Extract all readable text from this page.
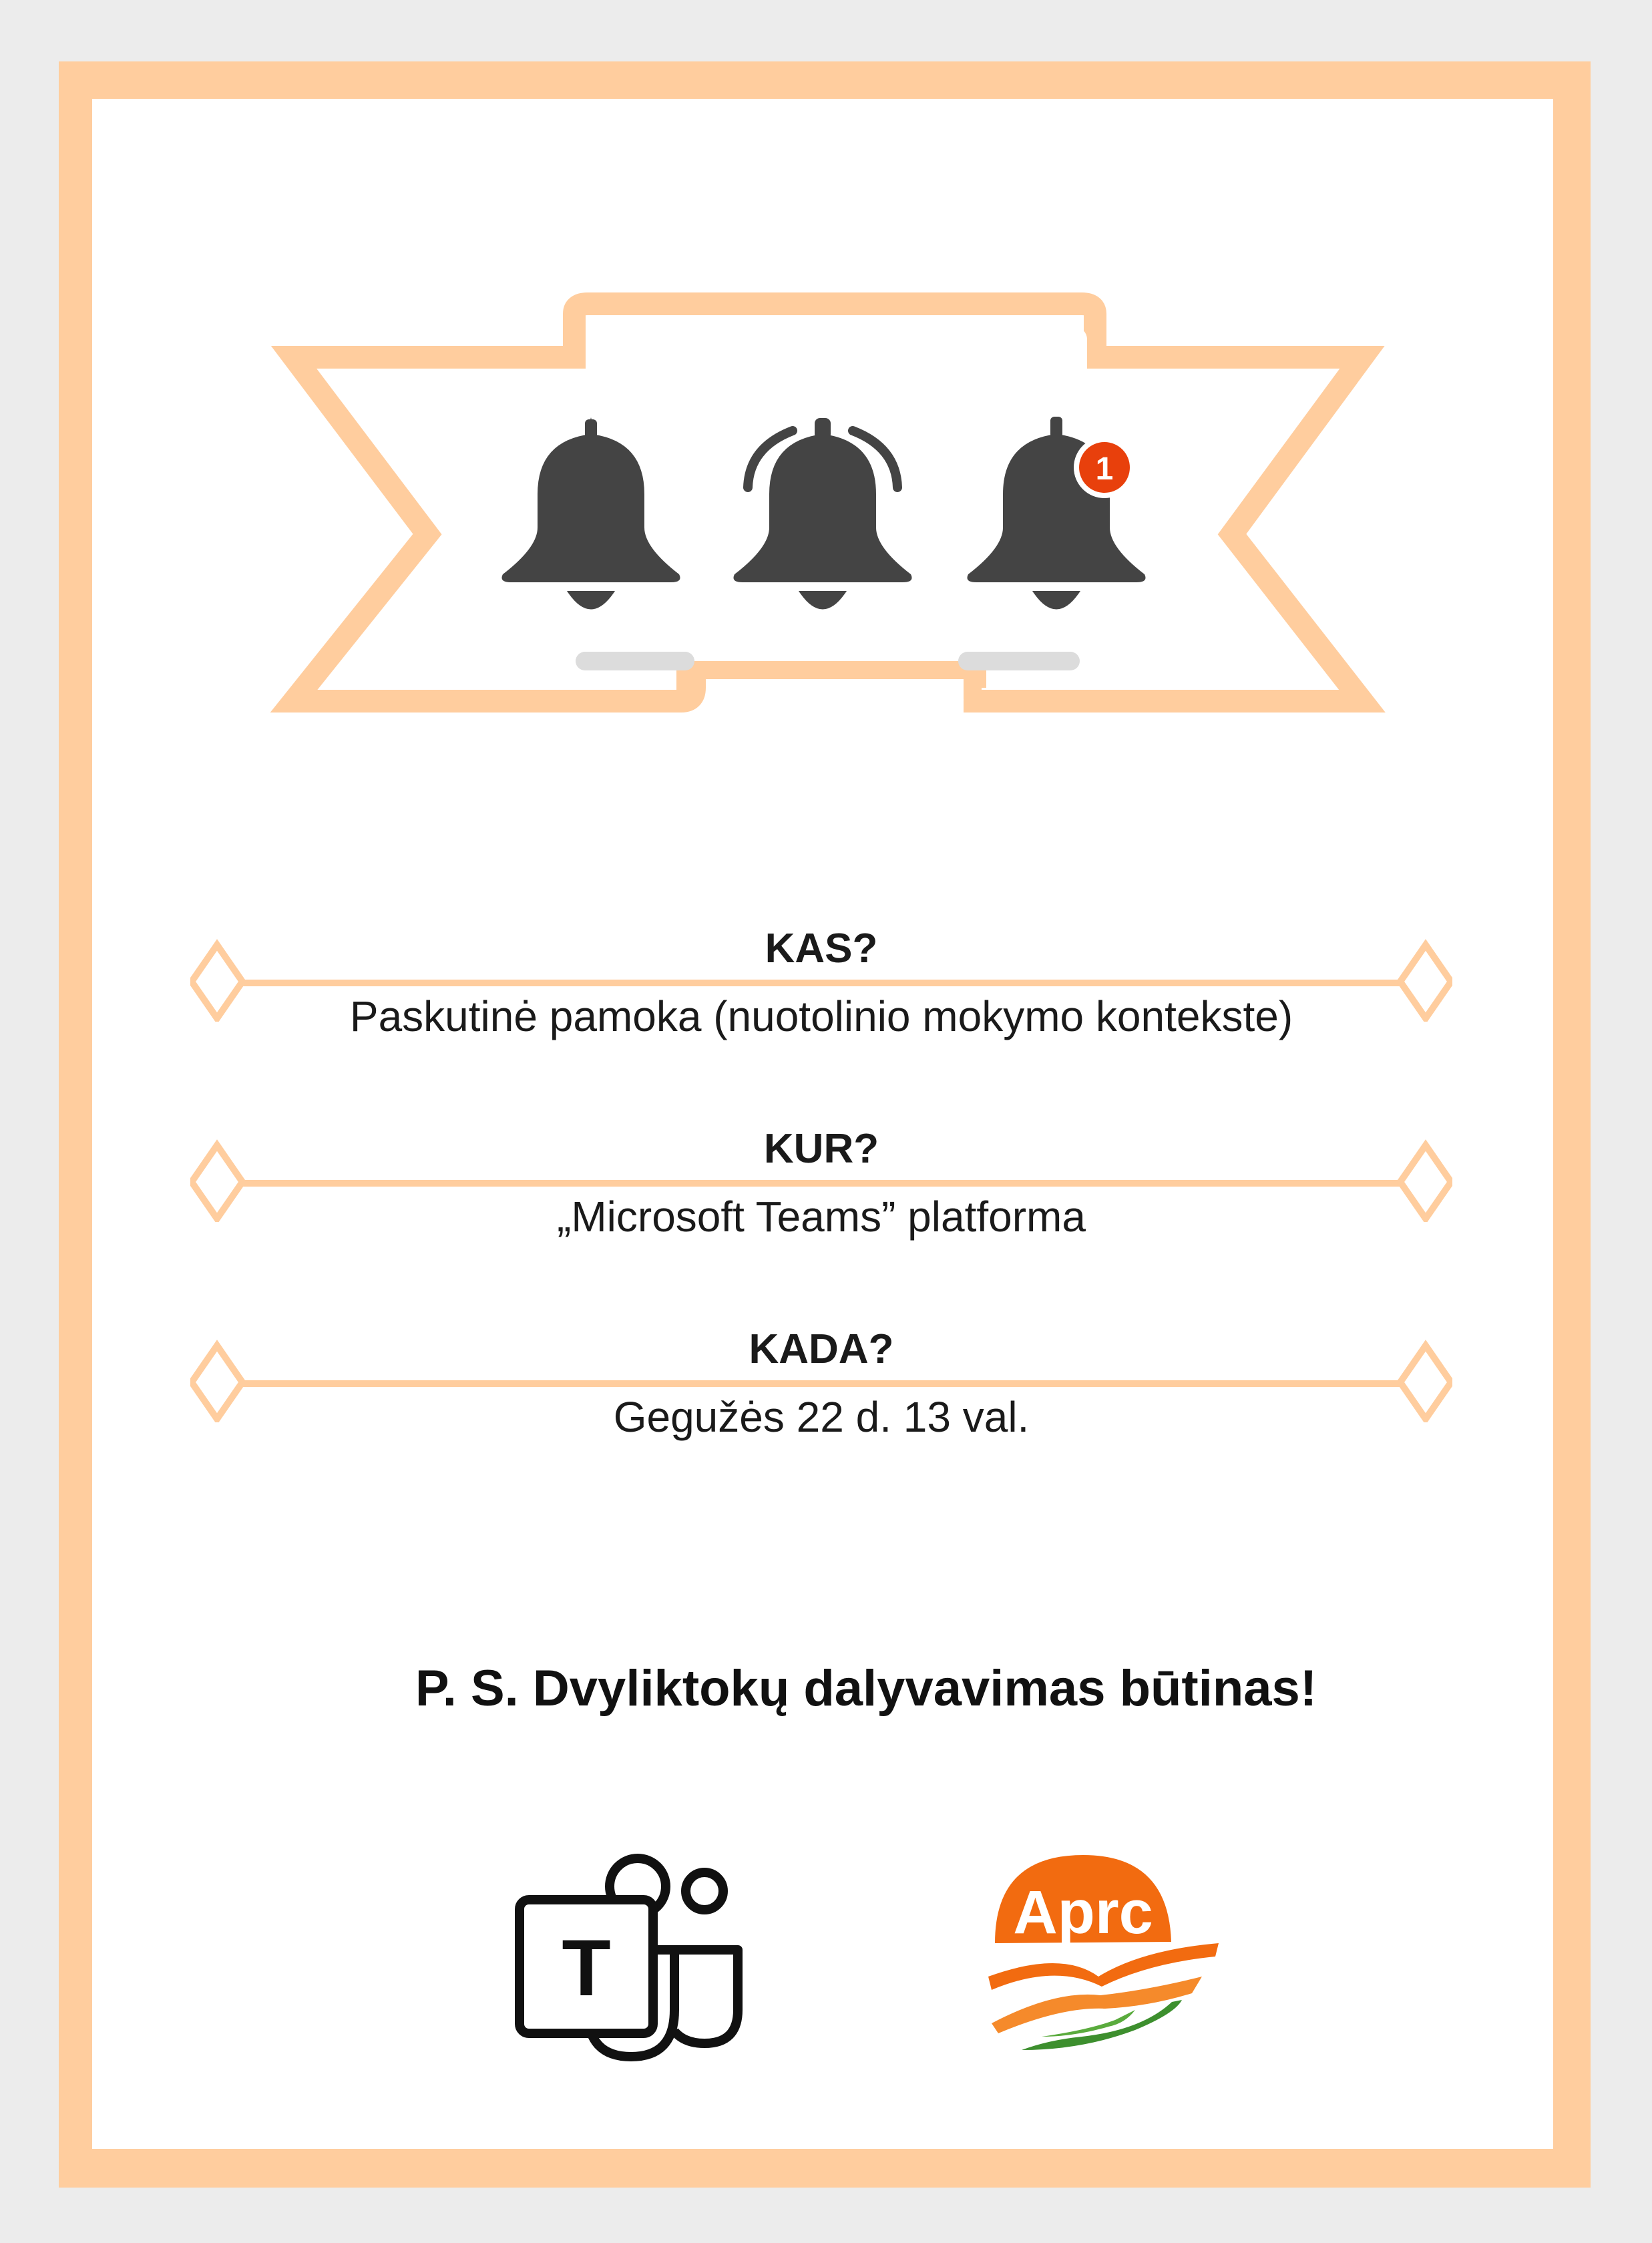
1
KAS?
Paskutinė pamoka (nuotolinio mokymo kontekste)
KUR?
„Microsoft Teams” platforma
KADA?
Gegužės 22 d. 13 val.
P. S. Dvyliktokų dalyvavimas būtinas!
T
Aprc
